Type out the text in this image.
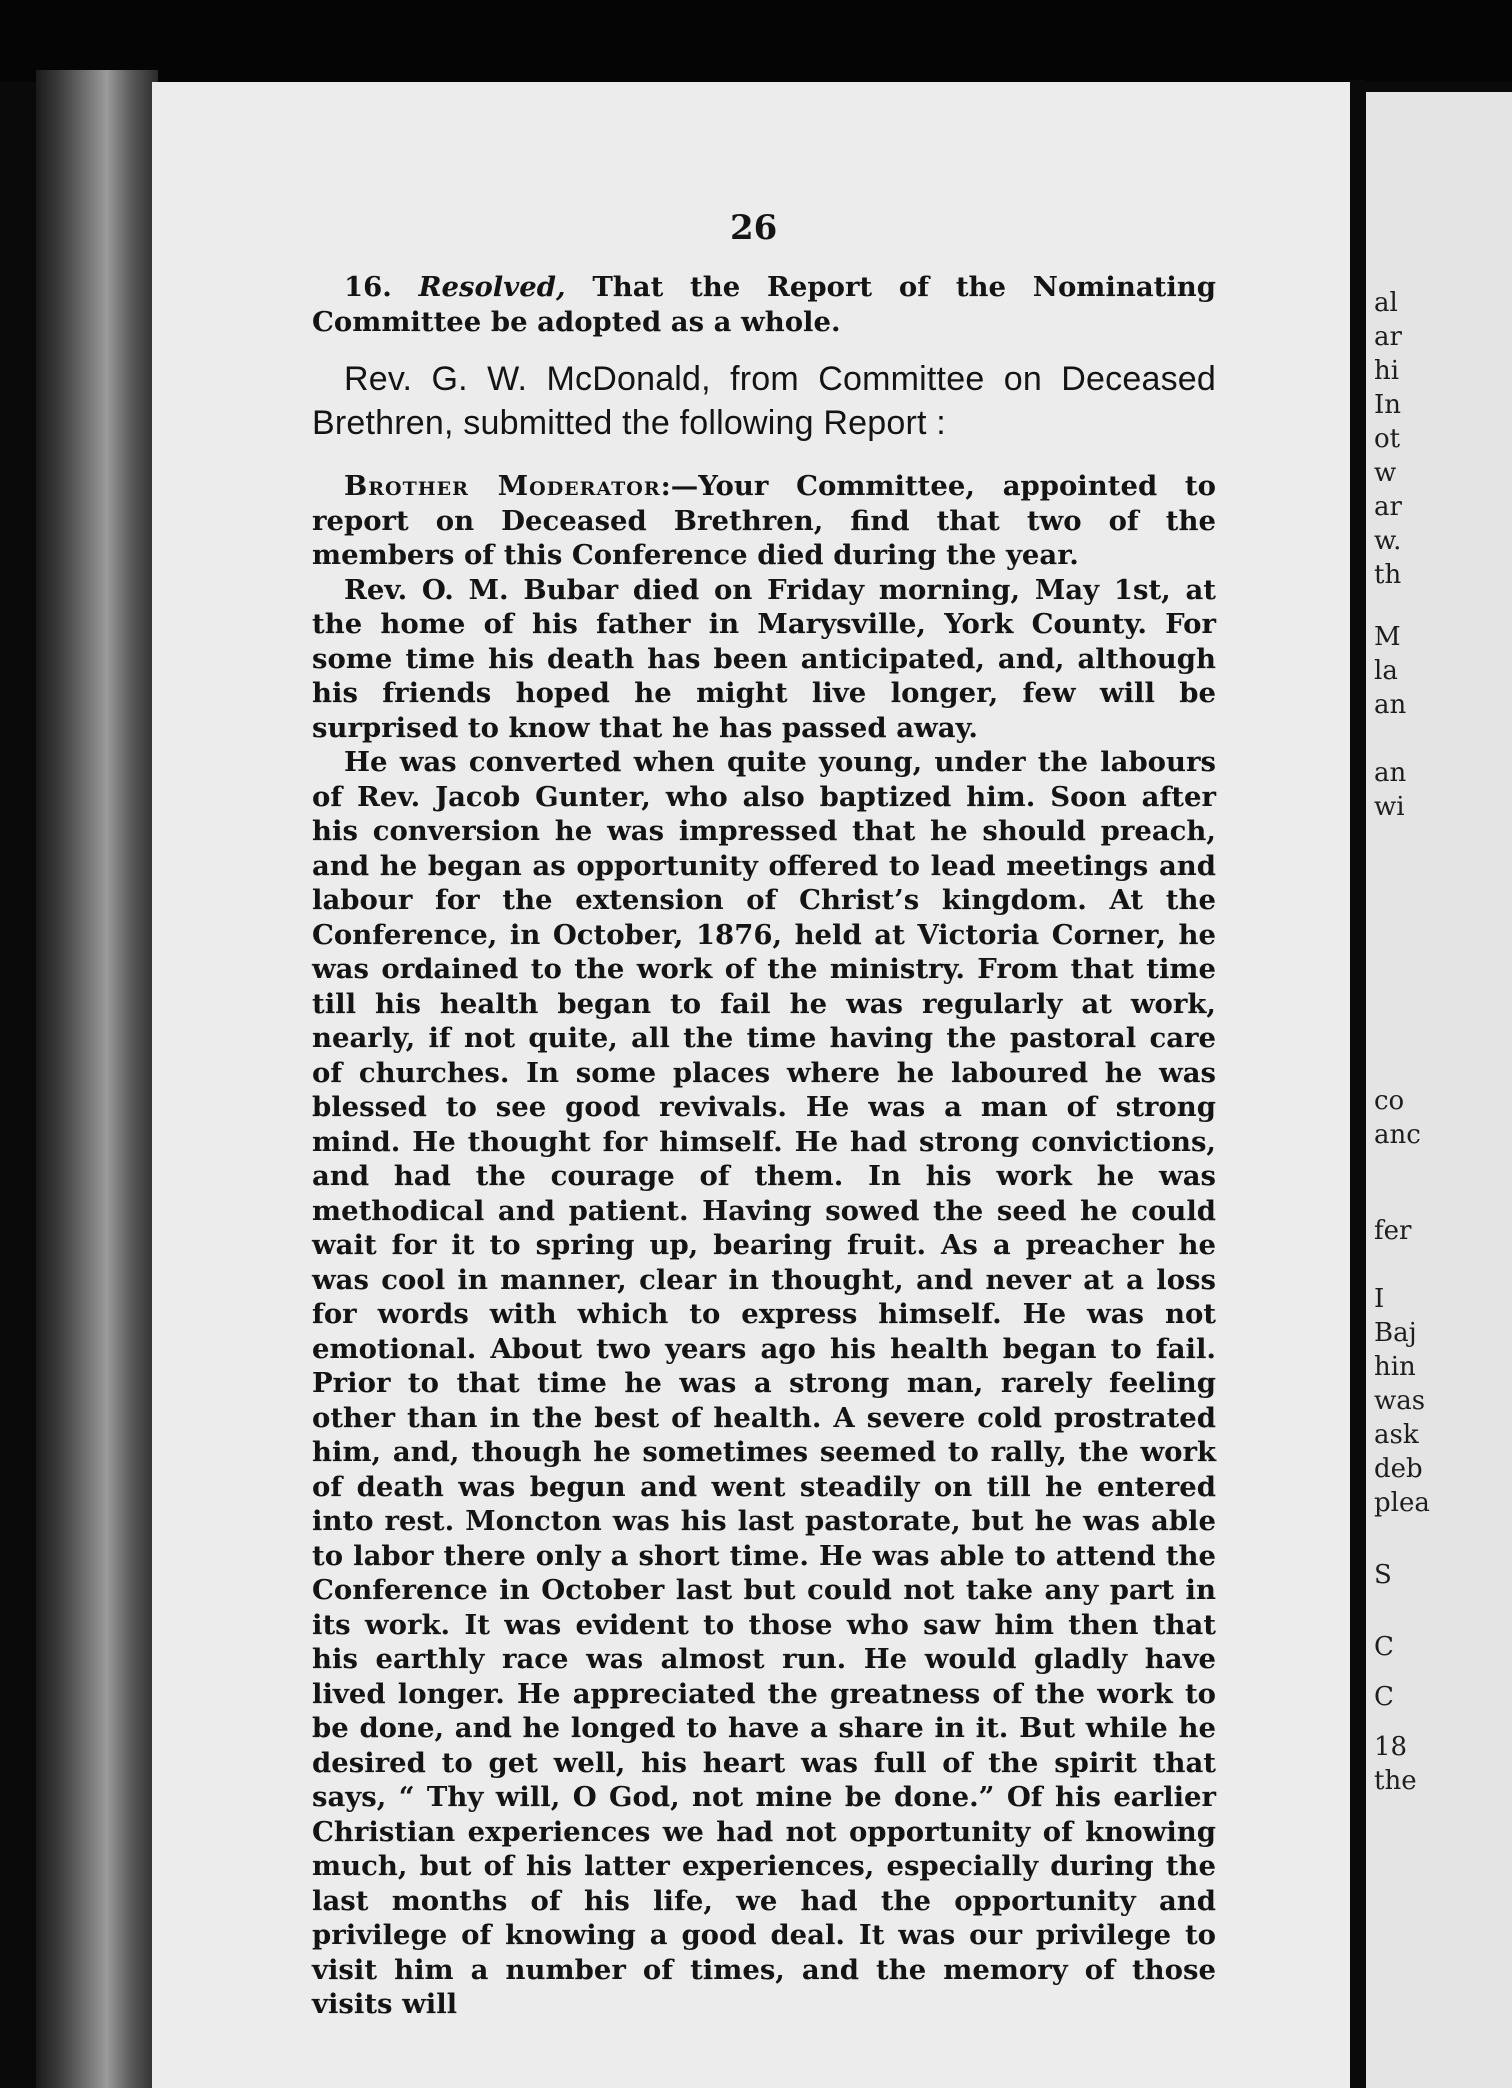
26

16. Resolved, That the Report of the Nominating Committee be adopted as a whole.

Rev. G. W. McDonald, from Committee on Deceased Brethren, submitted the following Report :

Brother Moderator:—Your Committee, appointed to report on Deceased Brethren, find that two of the members of this Conference died during the year.

Rev. O. M. Bubar died on Friday morning, May 1st, at the home of his father in Marysville, York County. For some time his death has been anticipated, and, although his friends hoped he might live longer, few will be surprised to know that he has passed away.

He was converted when quite young, under the labours of Rev. Jacob Gunter, who also baptized him. Soon after his conversion he was impressed that he should preach, and he began as opportunity offered to lead meetings and labour for the extension of Christ’s kingdom. At the Conference, in October, 1876, held at Victoria Corner, he was ordained to the work of the ministry. From that time till his health began to fail he was regularly at work, nearly, if not quite, all the time having the pastoral care of churches. In some places where he laboured he was blessed to see good revivals. He was a man of strong mind. He thought for himself. He had strong convictions, and had the courage of them. In his work he was methodical and patient. Having sowed the seed he could wait for it to spring up, bearing fruit. As a preacher he was cool in manner, clear in thought, and never at a loss for words with which to express himself. He was not emotional. About two years ago his health began to fail. Prior to that time he was a strong man, rarely feeling other than in the best of health. A severe cold prostrated him, and, though he sometimes seemed to rally, the work of death was begun and went steadily on till he entered into rest. Moncton was his last pastorate, but he was able to labor there only a short time. He was able to attend the Conference in October last but could not take any part in its work. It was evident to those who saw him then that his earthly race was almost run. He would gladly have lived longer. He appreciated the greatness of the work to be done, and he longed to have a share in it. But while he desired to get well, his heart was full of the spirit that says, “ Thy will, O God, not mine be done.” Of his earlier Christian experiences we had not opportunity of knowing much, but of his latter experiences, especially during the last months of his life, we had the opportunity and privilege of knowing a good deal. It was our privilege to visit him a number of times, and the memory of those visits will

al
ar
hi
In
ot
w
ar
w.
th
M
la
an
an
wi
co
anc
fer
I
Baj
hin
was
ask
deb
plea
S
C
C
18
the
